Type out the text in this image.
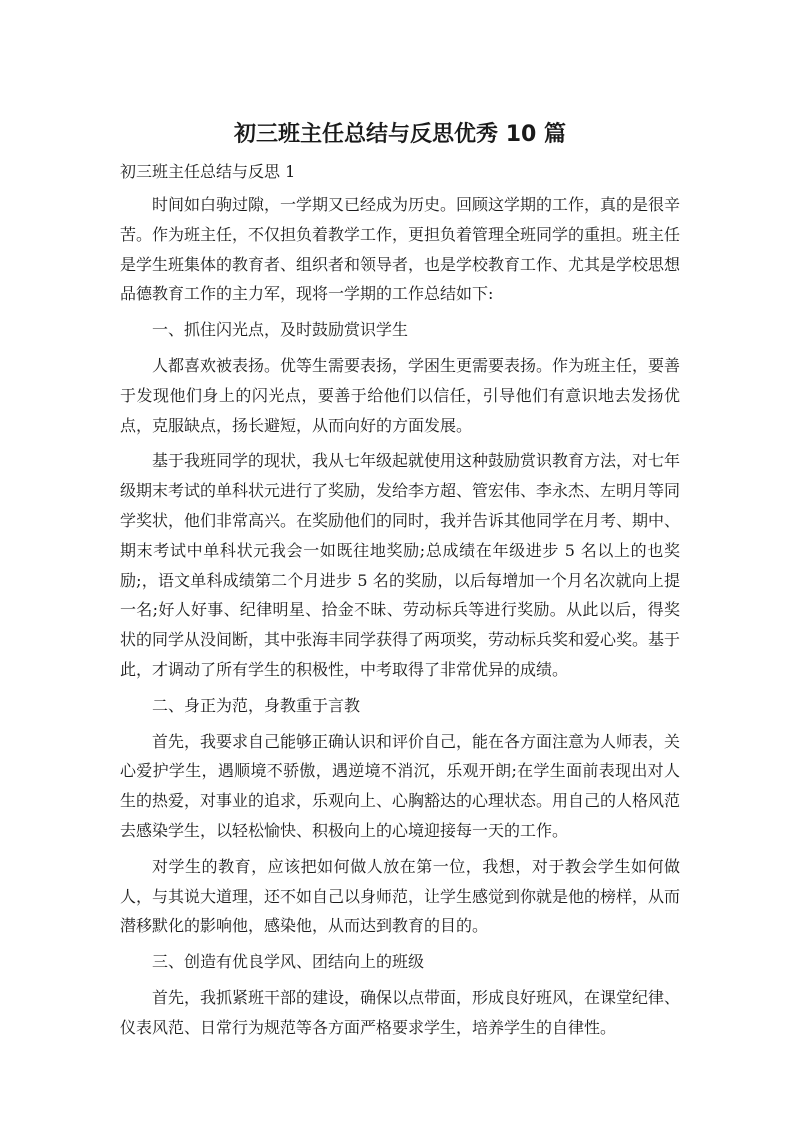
初三班主任总结与反思优秀 10 篇

初三班主任总结与反思 1

时间如白驹过隙，一学期又已经成为历史。回顾这学期的工作，真的是很辛苦。作为班主任，不仅担负着教学工作，更担负着管理全班同学的重担。班主任是学生班集体的教育者、组织者和领导者，也是学校教育工作、尤其是学校思想品德教育工作的主力军，现将一学期的工作总结如下:

一、抓住闪光点，及时鼓励赏识学生

人都喜欢被表扬。优等生需要表扬，学困生更需要表扬。作为班主任，要善于发现他们身上的闪光点，要善于给他们以信任，引导他们有意识地去发扬优点，克服缺点，扬长避短，从而向好的方面发展。

基于我班同学的现状，我从七年级起就使用这种鼓励赏识教育方法，对七年级期末考试的单科状元进行了奖励，发给李方超、管宏伟、李永杰、左明月等同学奖状，他们非常高兴。在奖励他们的同时，我并告诉其他同学在月考、期中、期末考试中单科状元我会一如既往地奖励;总成绩在年级进步 5 名以上的也奖励;，语文单科成绩第二个月进步 5 名的奖励，以后每增加一个月名次就向上提一名;好人好事、纪律明星、拾金不昧、劳动标兵等进行奖励。从此以后，得奖状的同学从没间断，其中张海丰同学获得了两项奖，劳动标兵奖和爱心奖。基于此，才调动了所有学生的积极性，中考取得了非常优异的成绩。

二、身正为范，身教重于言教

首先，我要求自己能够正确认识和评价自己，能在各方面注意为人师表，关心爱护学生，遇顺境不骄傲，遇逆境不消沉，乐观开朗;在学生面前表现出对人生的热爱，对事业的追求，乐观向上、心胸豁达的心理状态。用自己的人格风范去感染学生，以轻松愉快、积极向上的心境迎接每一天的工作。

对学生的教育，应该把如何做人放在第一位，我想，对于教会学生如何做人，与其说大道理，还不如自己以身师范，让学生感觉到你就是他的榜样，从而潜移默化的影响他，感染他，从而达到教育的目的。

三、创造有优良学风、团结向上的班级

首先，我抓紧班干部的建设，确保以点带面，形成良好班风，在课堂纪律、仪表风范、日常行为规范等各方面严格要求学生，培养学生的自律性。
